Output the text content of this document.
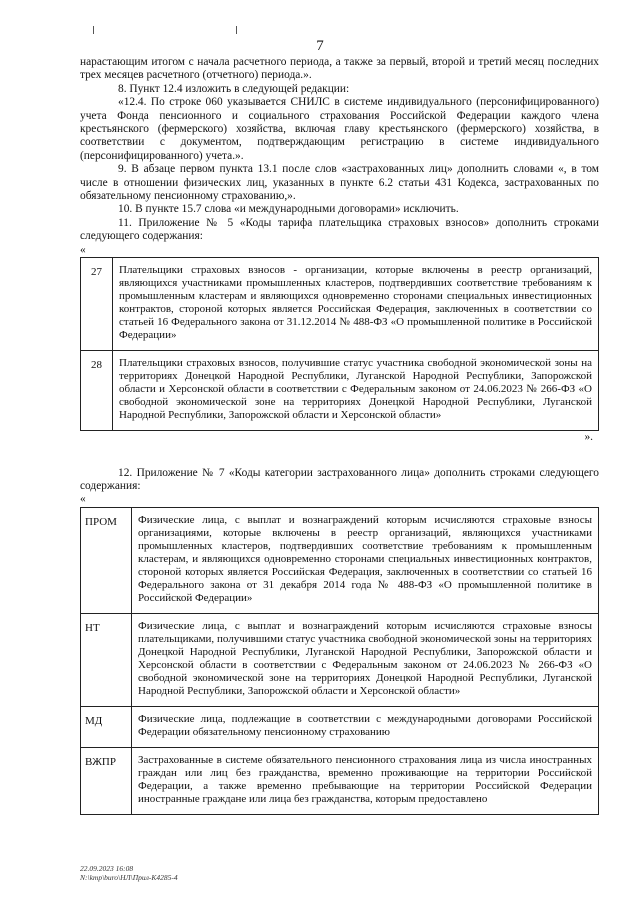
7

нарастающим итогом с начала расчетного периода, а также за первый, второй и третий месяц последних трех месяцев расчетного (отчетного) периода.».

8. Пункт 12.4 изложить в следующей редакции:

«12.4. По строке 060 указывается СНИЛС в системе индивидуального (персонифицированного) учета Фонда пенсионного и социального страхования Российской Федерации каждого члена крестьянского (фермерского) хозяйства, включая главу крестьянского (фермерского) хозяйства, в соответствии с документом, подтверждающим регистрацию в системе индивидуального (персонифицированного) учета.».

9. В абзаце первом пункта 13.1 после слов «застрахованных лиц» дополнить словами «, в том числе в отношении физических лиц, указанных в пункте 6.2 статьи 431 Кодекса, застрахованных по обязательному пенсионному страхованию,».

10. В пункте 15.7 слова «и международными договорами» исключить.

11. Приложение № 5 «Коды тарифа плательщика страховых взносов» дополнить строками следующего содержания:

«

27	Плательщики страховых взносов - организации, которые включены в реестр организаций, являющихся участниками промышленных кластеров, подтвердивших соответствие требованиям к промышленным кластерам и являющихся одновременно сторонами специальных инвестиционных контрактов, стороной которых является Российская Федерация, заключенных в соответствии со статьей 16 Федерального закона от 31.12.2014 № 488-ФЗ «О промышленной политике в Российской Федерации»
28	Плательщики страховых взносов, получившие статус участника свободной экономической зоны на территориях Донецкой Народной Республики, Луганской Народной Республики, Запорожской области и Херсонской области в соответствии с Федеральным законом от 24.06.2023 № 266-ФЗ «О свободной экономической зоне на территориях Донецкой Народной Республики, Луганской Народной Республики, Запорожской области и Херсонской области»

».

12. Приложение № 7 «Коды категории застрахованного лица» дополнить строками следующего содержания:

«

ПРОМ	Физические лица, с выплат и вознаграждений которым исчисляются страховые взносы организациями, которые включены в реестр организаций, являющихся участниками промышленных кластеров, подтвердивших соответствие требованиям к промышленным кластерам, и являющихся одновременно сторонами специальных инвестиционных контрактов, стороной которых является Российская Федерация, заключенных в соответствии со статьей 16 Федерального закона от 31 декабря 2014 года № 488-ФЗ «О промышленной политике в Российской Федерации»
НТ	Физические лица, с выплат и вознаграждений которым исчисляются страховые взносы плательщиками, получившими статус участника свободной экономической зоны на территориях Донецкой Народной Республики, Луганской Народной Республики, Запорожской области и Херсонской области в соответствии с Федеральным законом от 24.06.2023 № 266-ФЗ «О свободной экономической зоне на территориях Донецкой Народной Республики, Луганской Народной Республики, Запорожской области и Херсонской области»
МД	Физические лица, подлежащие в соответствии с международными договорами Российской Федерации обязательному пенсионному страхованию
ВЖПР	Застрахованные в системе обязательного пенсионного страхования лица из числа иностранных граждан или лиц без гражданства, временно проживающие на территории Российской Федерации, а также временно пребывающие на территории Российской Федерации иностранные граждане или лица без гражданства, которым предоставлено
22.09.2023 16:08
N:\kmp\buro\НЛ\Прил-К4285-4
